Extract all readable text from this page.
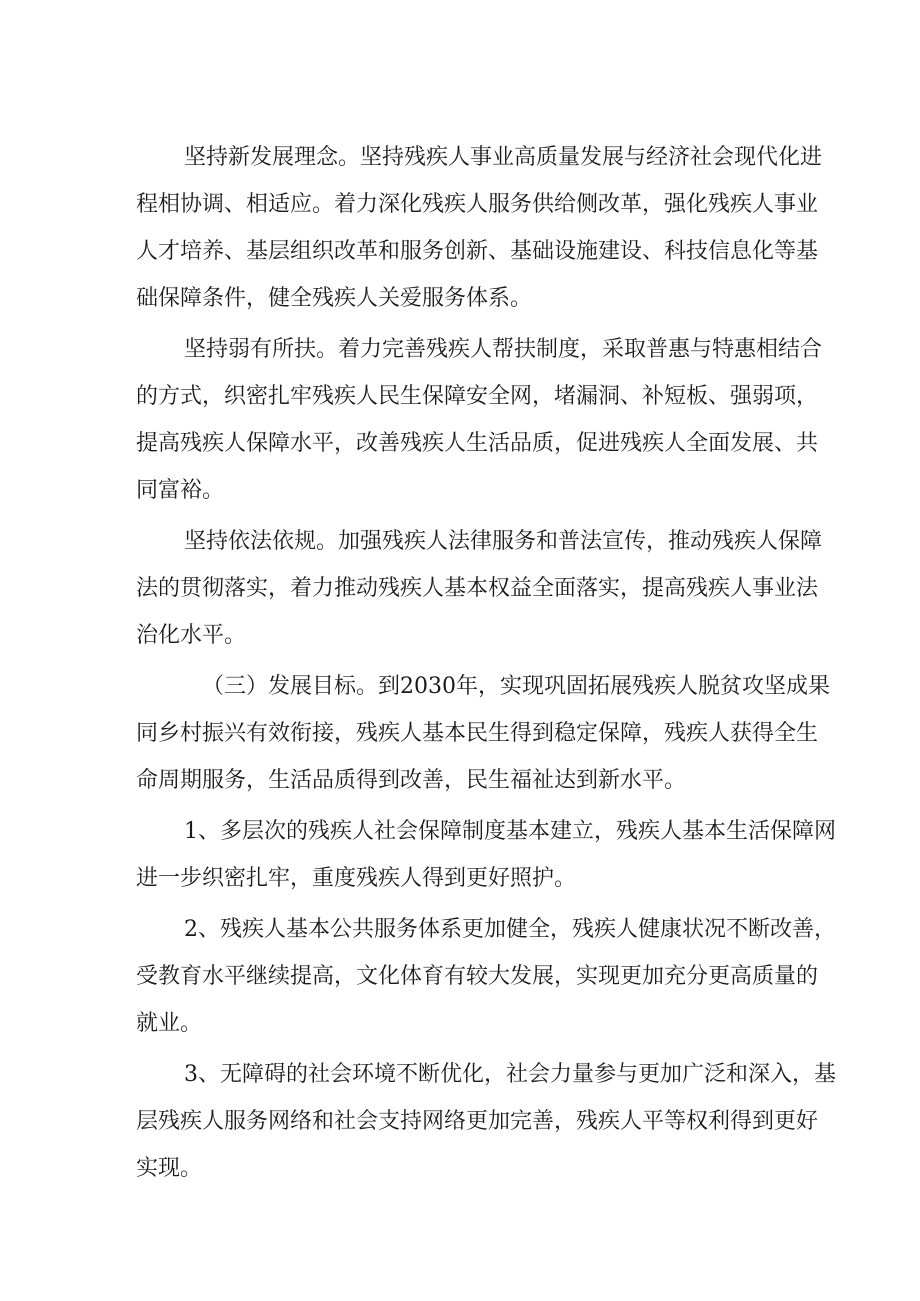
坚持新发展理念。坚持残疾人事业高质量发展与经济社会现代化进
程相协调、相适应。着力深化残疾人服务供给侧改革，强化残疾人事业
人才培养、基层组织改革和服务创新、基础设施建设、科技信息化等基
础保障条件，健全残疾人关爱服务体系。

坚持弱有所扶。着力完善残疾人帮扶制度，采取普惠与特惠相结合
的方式，织密扎牢残疾人民生保障安全网，堵漏洞、补短板、强弱项，
提高残疾人保障水平，改善残疾人生活品质，促进残疾人全面发展、共
同富裕。

坚持依法依规。加强残疾人法律服务和普法宣传，推动残疾人保障
法的贯彻落实，着力推动残疾人基本权益全面落实，提高残疾人事业法
治化水平。

（三）发展目标。到2030年，实现巩固拓展残疾人脱贫攻坚成果
同乡村振兴有效衔接，残疾人基本民生得到稳定保障，残疾人获得全生
命周期服务，生活品质得到改善，民生福祉达到新水平。

1、多层次的残疾人社会保障制度基本建立，残疾人基本生活保障网
进一步织密扎牢，重度残疾人得到更好照护。

2、残疾人基本公共服务体系更加健全，残疾人健康状况不断改善，
受教育水平继续提高，文化体育有较大发展，实现更加充分更高质量的
就业。

3、无障碍的社会环境不断优化，社会力量参与更加广泛和深入，基
层残疾人服务网络和社会支持网络更加完善，残疾人平等权利得到更好
实现。
